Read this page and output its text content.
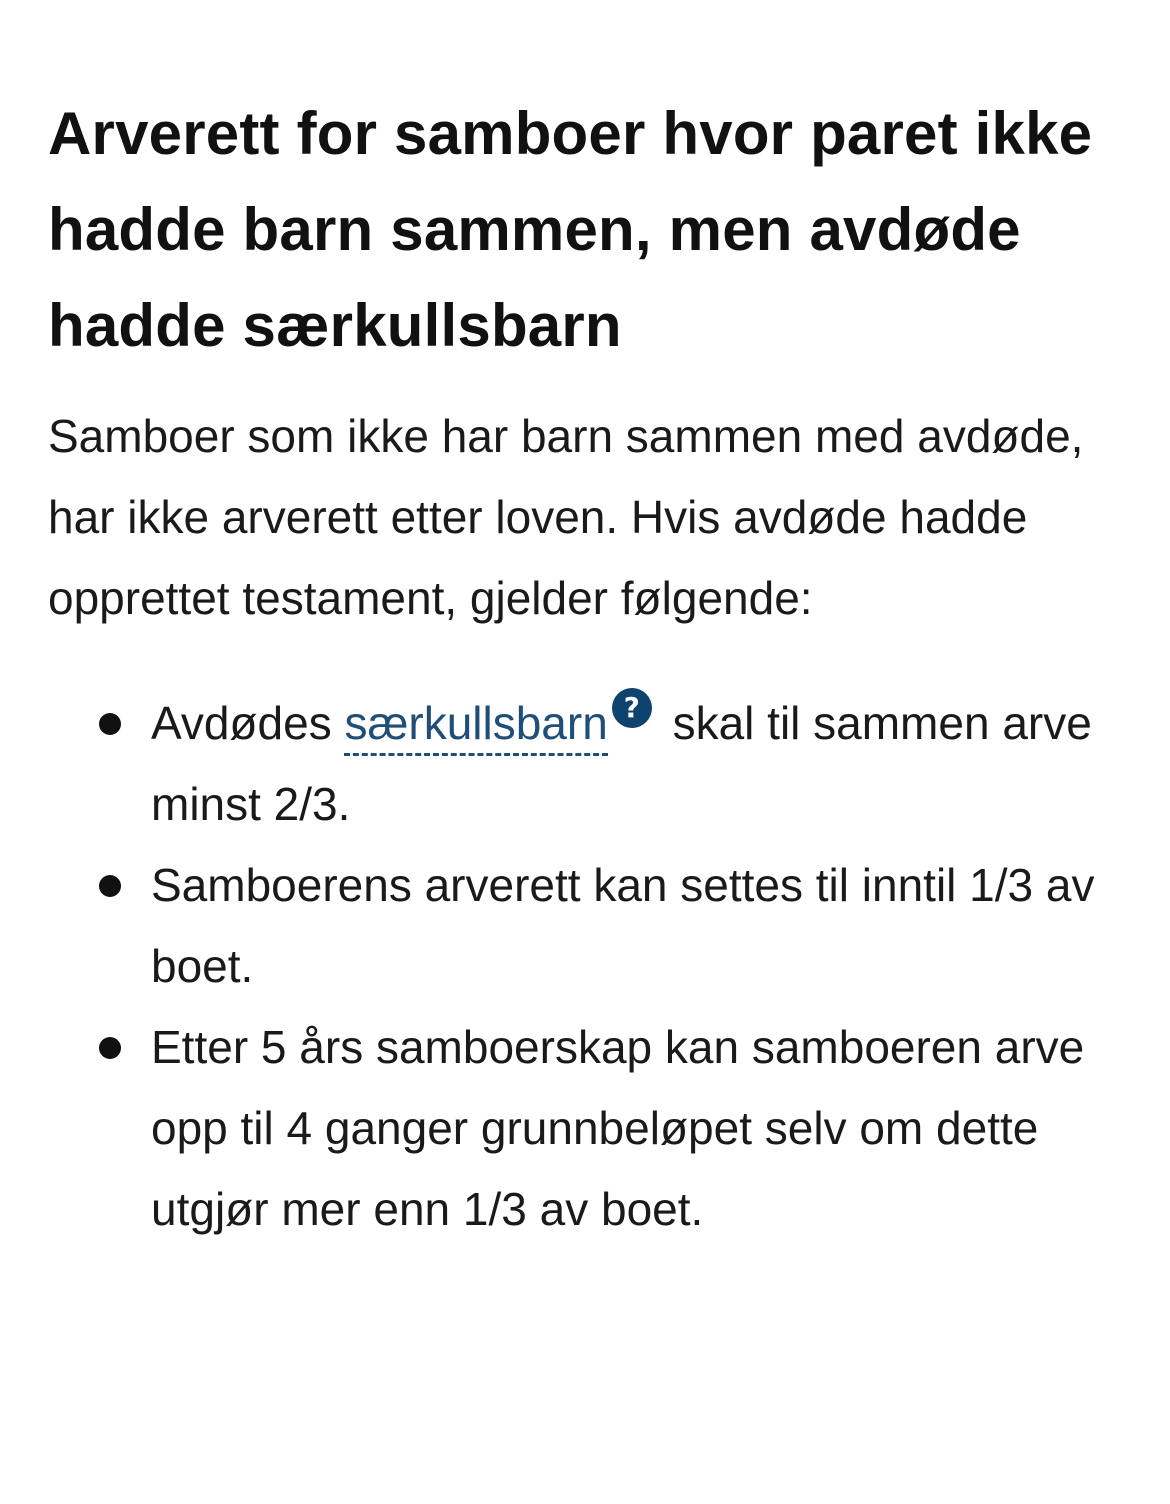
Arverett for samboer hvor paret ikke hadde barn sammen, men avdøde hadde særkullsbarn

Samboer som ikke har barn sammen med avdøde, har ikke arverett etter loven. Hvis avdøde hadde opprettet testament, gjelder følgende:

Avdødes særkullsbarn ? skal til sammen arve minst 2/3.
Samboerens arverett kan settes til inntil 1/3 av boet.
Etter 5 års samboerskap kan samboeren arve opp til 4 ganger grunnbeløpet selv om dette utgjør mer enn 1/3 av boet.
